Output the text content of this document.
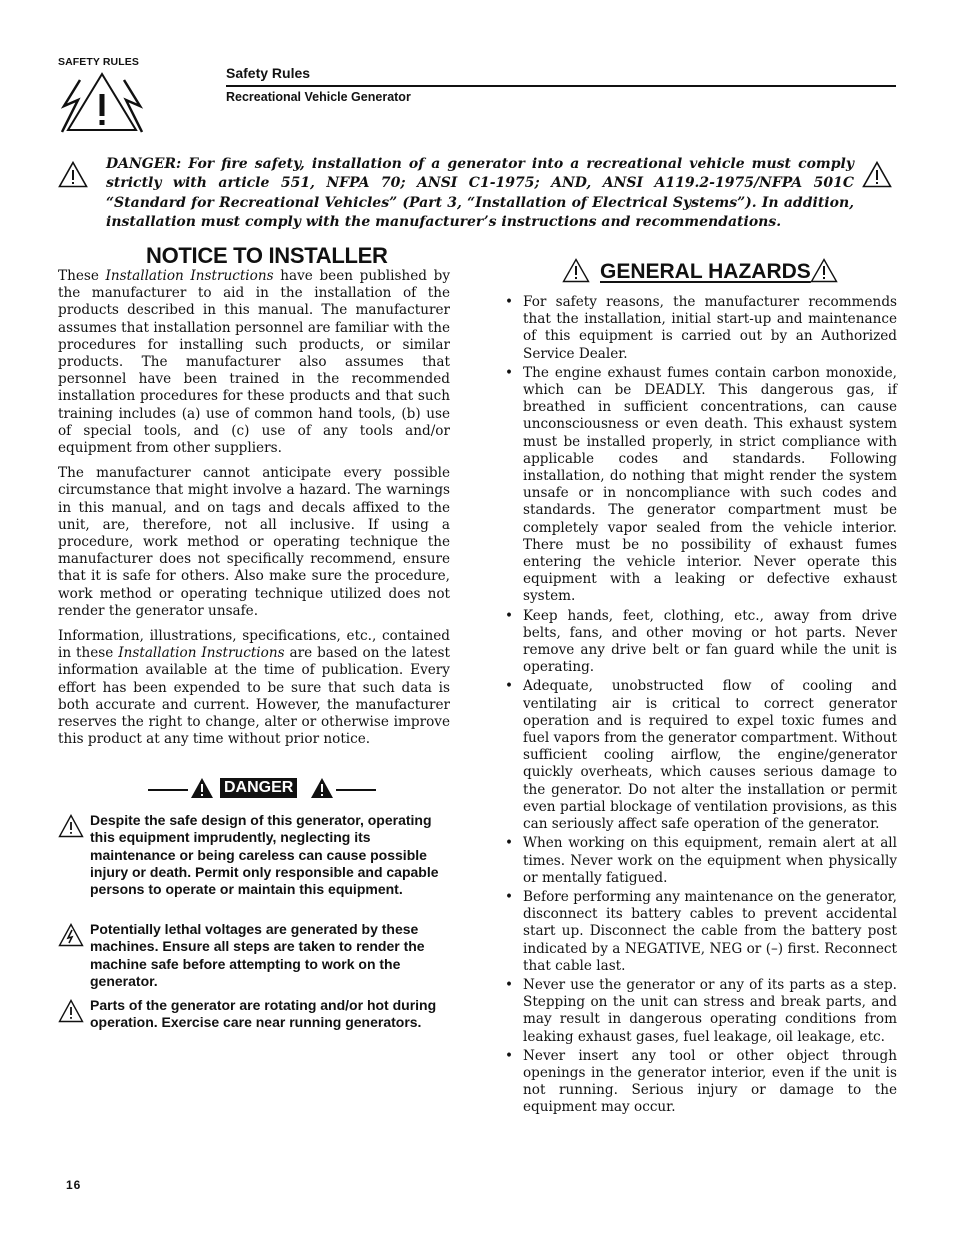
SAFETY RULES
Safety Rules
Recreational Vehicle Generator
DANGER: For fire safety, installation of a generator into a recreational vehicle must comply strictly with article 551, NFPA 70; ANSI C1-1975; AND, ANSI A119.2-1975/NFPA 501C “Standard for Recreational Vehicles” (Part 3, “Installation of Electrical Systems”). In addition, installation must comply with the manufacturer’s instructions and recommendations.
NOTICE TO INSTALLER

These Installation Instructions have been published by the manufacturer to aid in the installation of the products described in this manual. The manufacturer assumes that installation personnel are familiar with the procedures for installing such products, or similar products. The manufacturer also assumes that personnel have been trained in the recommended installation procedures for these products and that such training includes (a) use of common hand tools, (b) use of special tools, and (c) use of any tools and/or equipment from other suppliers.

The manufacturer cannot anticipate every possible circumstance that might involve a hazard. The warnings in this manual, and on tags and decals affixed to the unit, are, therefore, not all inclusive. If using a procedure, work method or operating technique the manufacturer does not specifically recommend, ensure that it is safe for others. Also make sure the procedure, work method or operating technique utilized does not render the generator unsafe.

Information, illustrations, specifications, etc., contained in these Installation Instructions are based on the latest information available at the time of publication. Every effort has been expended to be sure that such data is both accurate and current. However, the manufacturer reserves the right to change, alter or otherwise improve this product at any time without prior notice.

DANGER
Despite the safe design of this generator, operating this equipment imprudently, neglecting its maintenance or being careless can cause possible injury or death. Permit only responsible and capable persons to operate or maintain this equipment.
Potentially lethal voltages are generated by these machines. Ensure all steps are taken to render the machine safe before attempting to work on the generator.
Parts of the generator are rotating and/or hot during operation. Exercise care near running generators.
GENERAL HAZARDS
• For safety reasons, the manufacturer recommends that the installation, initial start-up and maintenance of this equipment is carried out by an Authorized Service Dealer.
• The engine exhaust fumes contain carbon monoxide, which can be DEADLY. This dangerous gas, if breathed in sufficient concentrations, can cause unconsciousness or even death. This exhaust system must be installed properly, in strict compliance with applicable codes and standards. Following installation, do nothing that might render the system unsafe or in noncompliance with such codes and standards. The generator compartment must be completely vapor sealed from the vehicle interior. There must be no possibility of exhaust fumes entering the vehicle interior. Never operate this equipment with a leaking or defective exhaust system.
• Keep hands, feet, clothing, etc., away from drive belts, fans, and other moving or hot parts. Never remove any drive belt or fan guard while the unit is operating.
• Adequate, unobstructed flow of cooling and ventilating air is critical to correct generator operation and is required to expel toxic fumes and fuel vapors from the generator compartment. Without sufficient cooling airflow, the engine/generator quickly overheats, which causes serious damage to the generator. Do not alter the installation or permit even partial blockage of ventilation provisions, as this can seriously affect safe operation of the generator.
• When working on this equipment, remain alert at all times. Never work on the equipment when physically or mentally fatigued.
• Before performing any maintenance on the generator, disconnect its battery cables to prevent accidental start up. Disconnect the cable from the battery post indicated by a NEGATIVE, NEG or (–) first. Reconnect that cable last.
• Never use the generator or any of its parts as a step. Stepping on the unit can stress and break parts, and may result in dangerous operating conditions from leaking exhaust gases, fuel leakage, oil leakage, etc.
• Never insert any tool or other object through openings in the generator interior, even if the unit is not running. Serious injury or damage to the equipment may occur.
16
